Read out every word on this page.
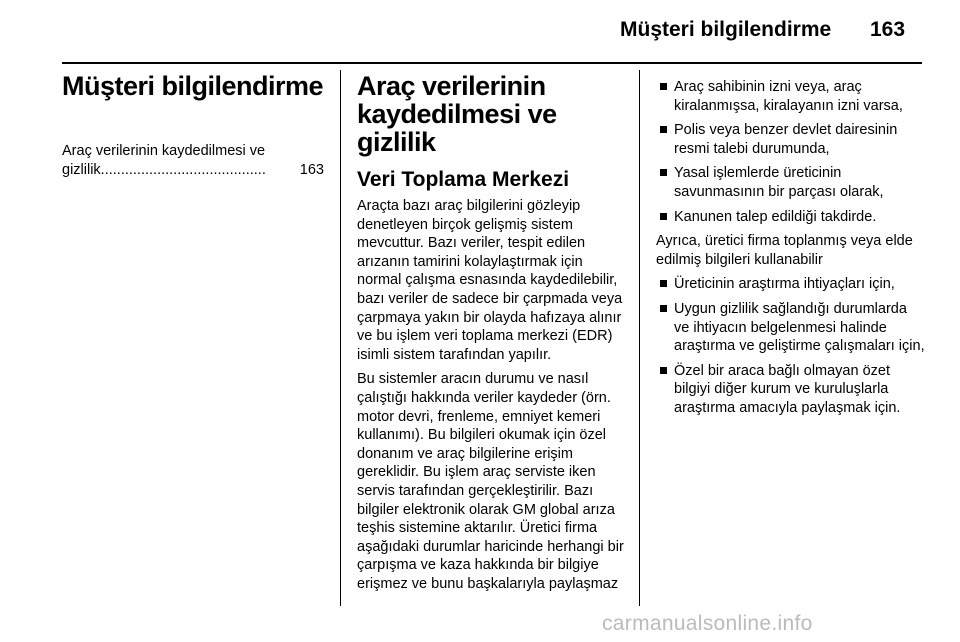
Müşteri bilgilendirme 163
Müşteri bilgilendirme
Araç verilerinin kaydedilmesi ve
gizlilik .........................................	163
Araç verilerinin kaydedilmesi ve gizlilik
Veri Toplama Merkezi

Araçta bazı araç bilgilerini gözleyip denetleyen birçok gelişmiş sistem mevcuttur. Bazı veriler, tespit edilen arızanın tamirini kolaylaştırmak için normal çalışma esnasında kaydedilebilir, bazı veriler de sadece bir çarpmada veya çarpmaya yakın bir olayda hafızaya alınır ve bu işlem veri toplama merkezi (EDR) isimli sistem tarafından yapılır.

Bu sistemler aracın durumu ve nasıl çalıştığı hakkında veriler kaydeder (örn. motor devri, frenleme, emniyet kemeri kullanımı). Bu bilgileri okumak için özel donanım ve araç bilgilerine erişim gereklidir. Bu işlem araç serviste iken servis tarafından gerçekleştirilir. Bazı bilgiler elektronik olarak GM global arıza teşhis sistemine aktarılır. Üretici firma aşağıdaki durumlar haricinde herhangi bir çarpışma ve kaza hakkında bir bilgiye erişmez ve bunu başkalarıyla paylaşmaz

Araç sahibinin izni veya, araç kiralanmışsa, kiralayanın izni varsa,
Polis veya benzer devlet dairesinin resmi talebi durumunda,
Yasal işlemlerde üreticinin savunmasının bir parçası olarak,
Kanunen talep edildiği takdirde.

Ayrıca, üretici firma toplanmış veya elde edilmiş bilgileri kullanabilir

Üreticinin araştırma ihtiyaçları için,
Uygun gizlilik sağlandığı durumlarda ve ihtiyacın belgelenmesi halinde araştırma ve geliştirme çalışmaları için,
Özel bir araca bağlı olmayan özet bilgiyi diğer kurum ve kuruluşlarla araştırma amacıyla paylaşmak için.
carmanualsonline.info
